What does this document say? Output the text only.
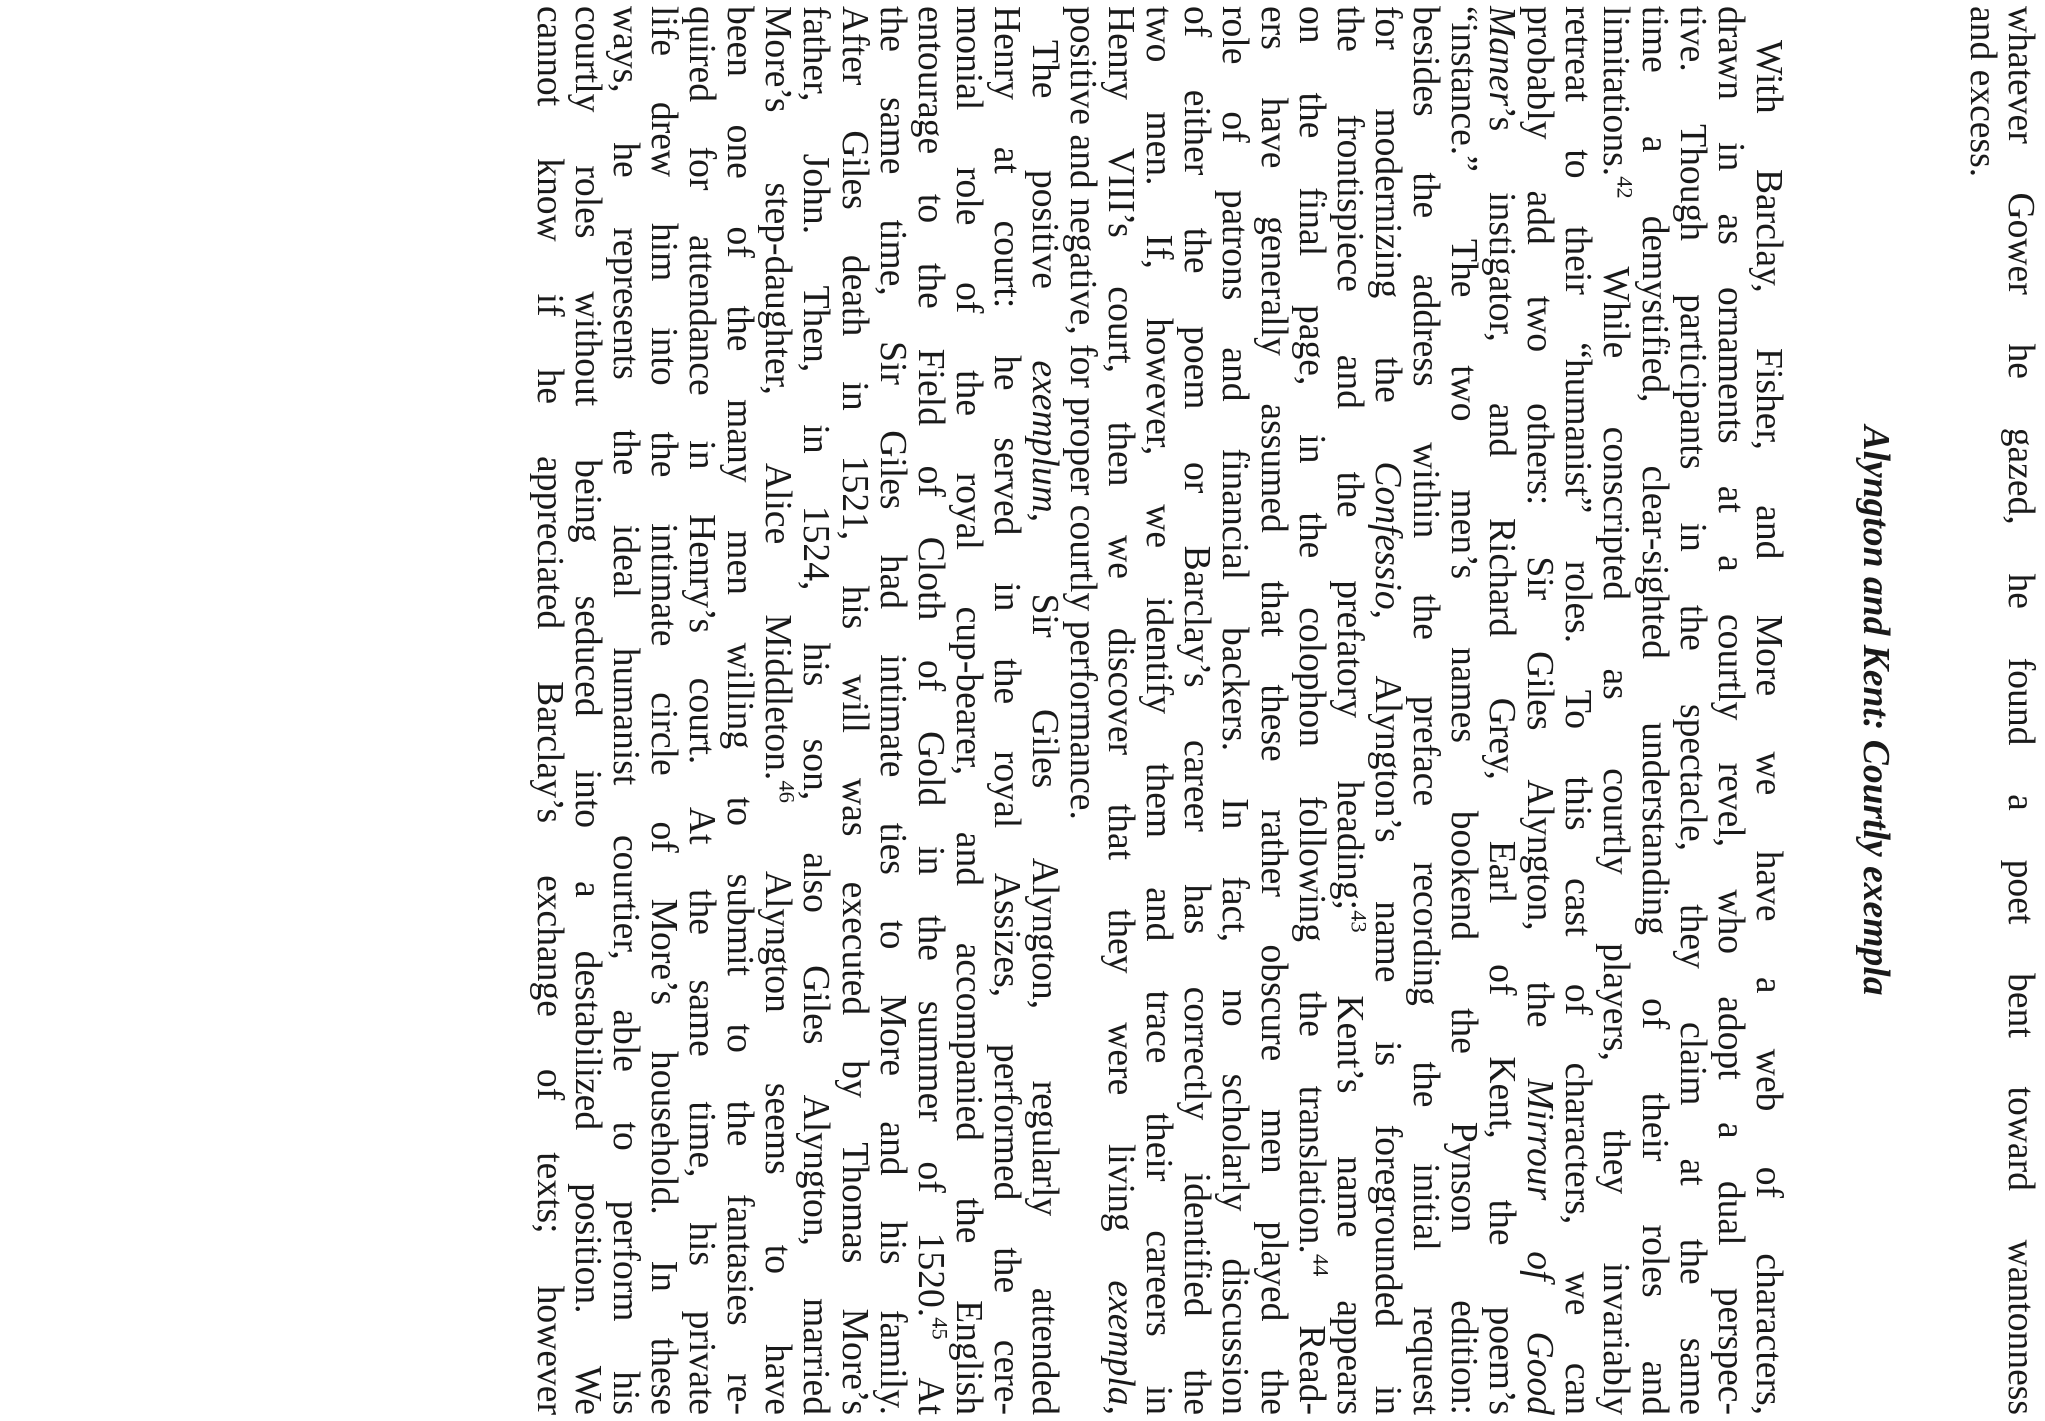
whatever Gower he gazed, he found a poet bent toward wantonness
and excess.
Alyngton and Kent: Courtly exempla
With Barclay, Fisher, and More we have a web of characters,
drawn in as ornaments at a courtly revel, who adopt a dual perspec-
tive. Though participants in the spectacle, they claim at the same
time a demystified, clear-sighted understanding of their roles and
limitations.$^{42}$ While conscripted as courtly players, they invariably
retreat to their “humanist” roles. To this cast of characters, we can
probably add two others: Sir Giles Alyngton, the Mirrour of Good
Maner’s instigator, and Richard Grey, Earl of Kent, the poem’s
“instance.” The two men’s names bookend the Pynson edition:
besides the address within the preface recording the initial request
for modernizing the Confessio, Alyngton’s name is foregrounded in
the frontispiece and the prefatory heading;$^{43}$ Kent’s name appears
on the final page, in the colophon following the translation.$^{44}$ Read-
ers have generally assumed that these rather obscure men played the
role of patrons and financial backers. In fact, no scholarly discussion
of either the poem or Barclay’s career has correctly identified the
two men. If, however, we identify them and trace their careers in
Henry VIII’s court, then we discover that they were living exempla,
positive and negative, for proper courtly performance.
The positive exemplum, Sir Giles Alyngton, regularly attended
Henry at court: he served in the royal Assizes, performed the cere-
monial role of the royal cup-bearer, and accompanied the English
entourage to the Field of Cloth of Gold in the summer of 1520.45 At
the same time, Sir Giles had intimate ties to More and his family.
After Giles death in 1521, his will was executed by Thomas More’s
father, John. Then, in 1524, his son, also Giles Alyngton, married
More’s step-daughter, Alice Middleton.$^{46}$ Alyngton seems to have
been one of the many men willing to submit to the fantasies re-
quired for attendance in Henry’s court. At the same time, his private
life drew him into the intimate circle of More’s household. In these
ways, he represents the ideal humanist courtier, able to perform his
courtly roles without being seduced into a destabilized position. We
cannot know if he appreciated Barclay’s exchange of texts; however
